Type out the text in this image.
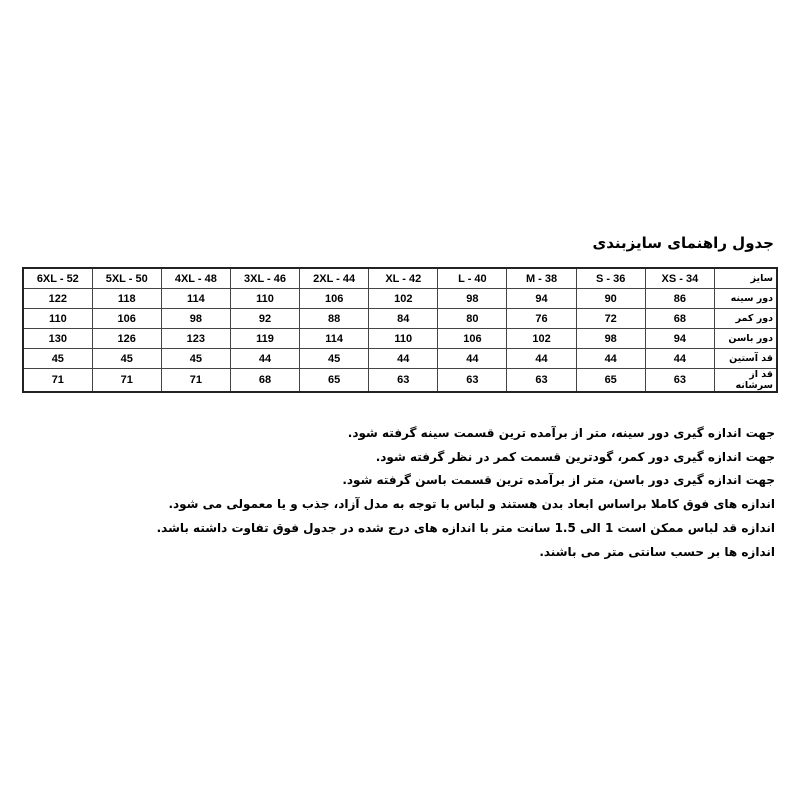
جدول راهنمای سایزبندی
6XL - 52	5XL - 50	4XL - 48	3XL - 46	2XL - 44	XL - 42	L - 40	M - 38	S - 36	XS - 34	سایز
122	118	114	110	106	102	98	94	90	86	دور سینه
110	106	98	92	88	84	80	76	72	68	دور کمر
130	126	123	119	114	110	106	102	98	94	دور باسن
45	45	45	44	45	44	44	44	44	44	قد آستین
71	71	71	68	65	63	63	63	65	63	قد از سرشانه
جهت اندازه گیری دور سینه، متر از برآمده ترین قسمت سینه گرفته شود.
جهت اندازه گیری دور کمر، گودترین قسمت کمر در نظر گرفته شود.
جهت اندازه گیری دور باسن، متر از برآمده ترین قسمت باسن گرفته شود.
اندازه های فوق کاملا براساس ابعاد بدن هستند و لباس با توجه به مدل آزاد، جذب و یا معمولی می شود.
اندازه قد لباس ممکن است 1 الی 1.5 سانت متر با اندازه های درج شده در جدول فوق تفاوت داشته باشد.
اندازه ها بر حسب سانتی متر می باشند.
